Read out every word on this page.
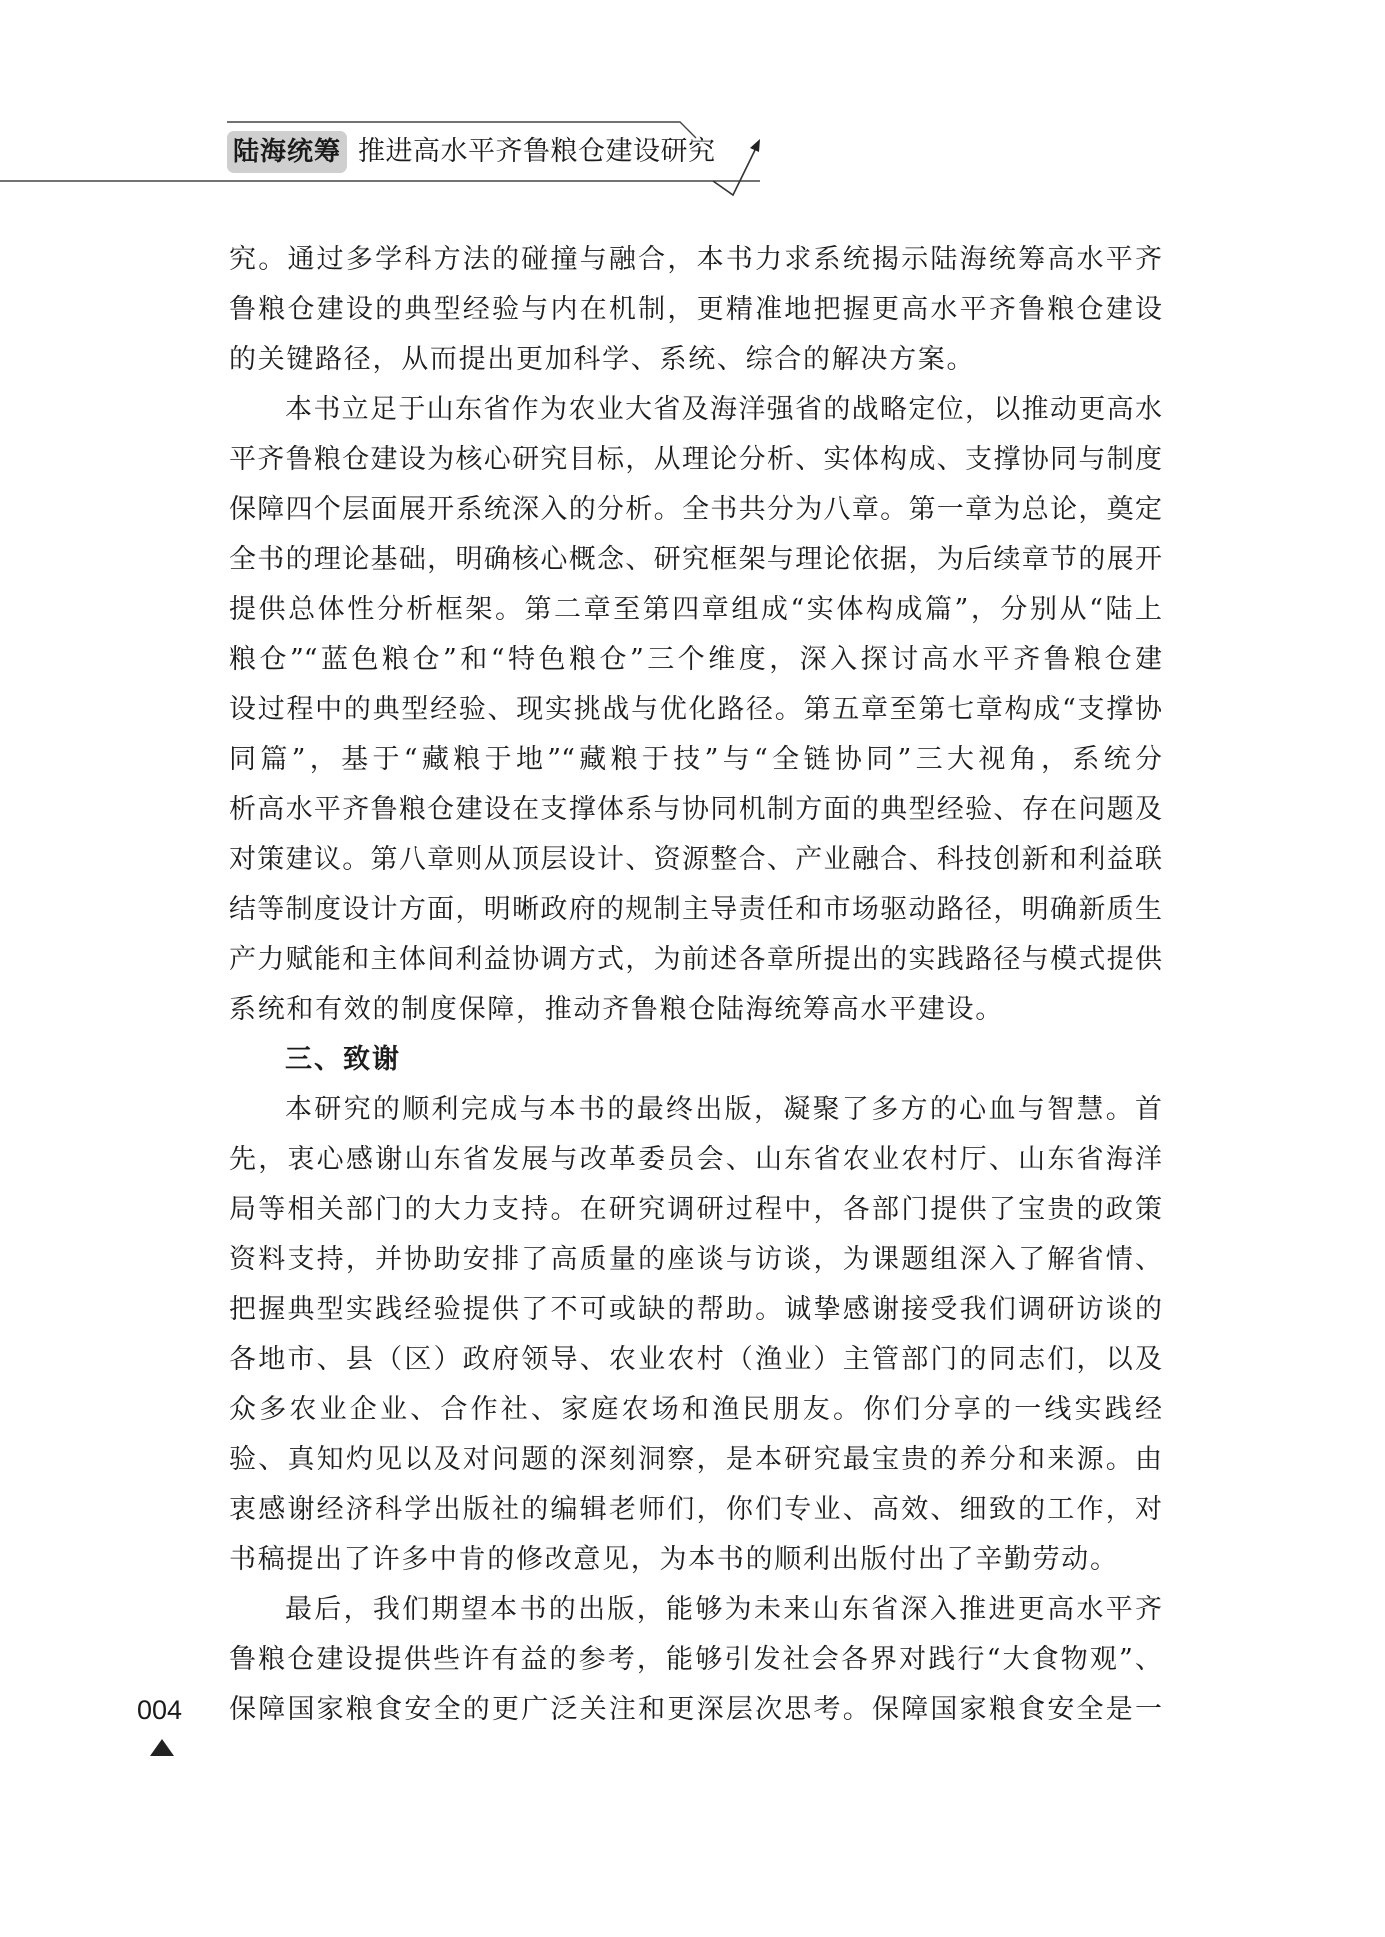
陆海统筹 推进高水平齐鲁粮仓建设研究
究。通过多学科方法的碰撞与融合，本书力求系统揭示陆海统筹高水平齐
鲁粮仓建设的典型经验与内在机制，更精准地把握更高水平齐鲁粮仓建设
的关键路径，从而提出更加科学、系统、综合的解决方案。
本书立足于山东省作为农业大省及海洋强省的战略定位，以推动更高水
平齐鲁粮仓建设为核心研究目标，从理论分析、实体构成、支撑协同与制度
保障四个层面展开系统深入的分析。全书共分为八章。第一章为总论，奠定
全书的理论基础，明确核心概念、研究框架与理论依据，为后续章节的展开
提供总体性分析框架。第二章至第四章组成“实体构成篇”，分别从“陆上
粮仓”“蓝色粮仓”和“特色粮仓”三个维度，深入探讨高水平齐鲁粮仓建
设过程中的典型经验、现实挑战与优化路径。第五章至第七章构成“支撑协
同篇”，基于“藏粮于地”“藏粮于技”与“全链协同”三大视角，系统分
析高水平齐鲁粮仓建设在支撑体系与协同机制方面的典型经验、存在问题及
对策建议。第八章则从顶层设计、资源整合、产业融合、科技创新和利益联
结等制度设计方面，明晰政府的规制主导责任和市场驱动路径，明确新质生
产力赋能和主体间利益协调方式，为前述各章所提出的实践路径与模式提供
系统和有效的制度保障，推动齐鲁粮仓陆海统筹高水平建设。
三、致谢
本研究的顺利完成与本书的最终出版，凝聚了多方的心血与智慧。首
先，衷心感谢山东省发展与改革委员会、山东省农业农村厅、山东省海洋
局等相关部门的大力支持。在研究调研过程中，各部门提供了宝贵的政策
资料支持，并协助安排了高质量的座谈与访谈，为课题组深入了解省情、
把握典型实践经验提供了不可或缺的帮助。诚挚感谢接受我们调研访谈的
各地市、县（区）政府领导、农业农村（渔业）主管部门的同志们，以及
众多农业企业、合作社、家庭农场和渔民朋友。你们分享的一线实践经
验、真知灼见以及对问题的深刻洞察，是本研究最宝贵的养分和来源。由
衷感谢经济科学出版社的编辑老师们，你们专业、高效、细致的工作，对
书稿提出了许多中肯的修改意见，为本书的顺利出版付出了辛勤劳动。
最后，我们期望本书的出版，能够为未来山东省深入推进更高水平齐
鲁粮仓建设提供些许有益的参考，能够引发社会各界对践行“大食物观”、
保障国家粮食安全的更广泛关注和更深层次思考。保障国家粮食安全是一
004
